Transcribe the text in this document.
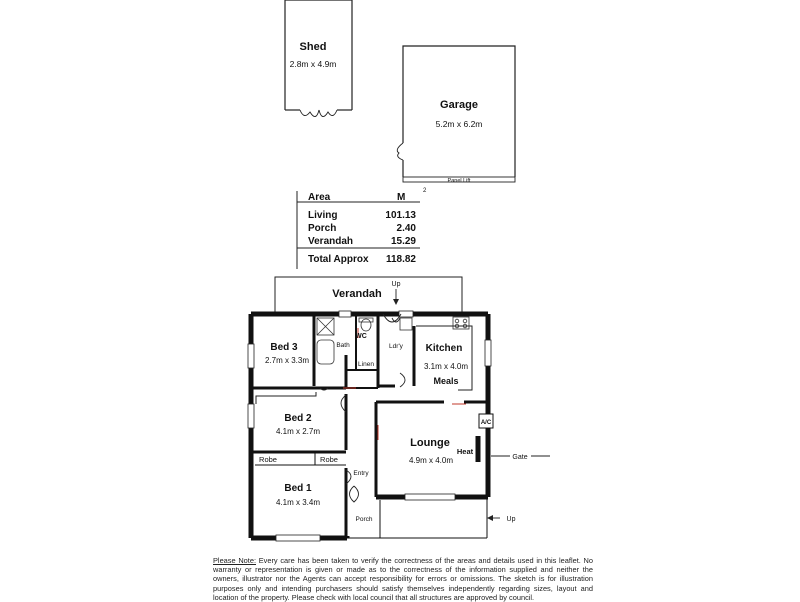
Shed
2.8m x 4.9m
Garage
5.2m x 6.2m
Panel Lift
Area	M
2
Living	101.13
Porch	2.40
Verandah	15.29
Total Approx 118.82
Verandah
Up
Bed 3
2.7m x 3.3m
Bath
WC
Linen
Ldr'y Kitchen
3.1m x 4.0m
Meals
A/C
Bed 2
4.1m x 2.7m
Lounge
4.9m x 4.0m
Heat
Robe	Robe
Entry
Bed 1
4.1m x 3.4m
Porch
Gate
Up
Please Note: Every care has been taken to verify the correctness of the areas and details used in this leaflet. No warranty or representation is given or made as to the correctness of the information supplied and neither the owners, illustrator nor the Agents can accept responsibility for errors or omissions. The sketch is for illustration purposes only and intending purchasers should satisfy themselves independently regarding sizes, layout and location of the property. Please check with local council that all structures are approved by council.
